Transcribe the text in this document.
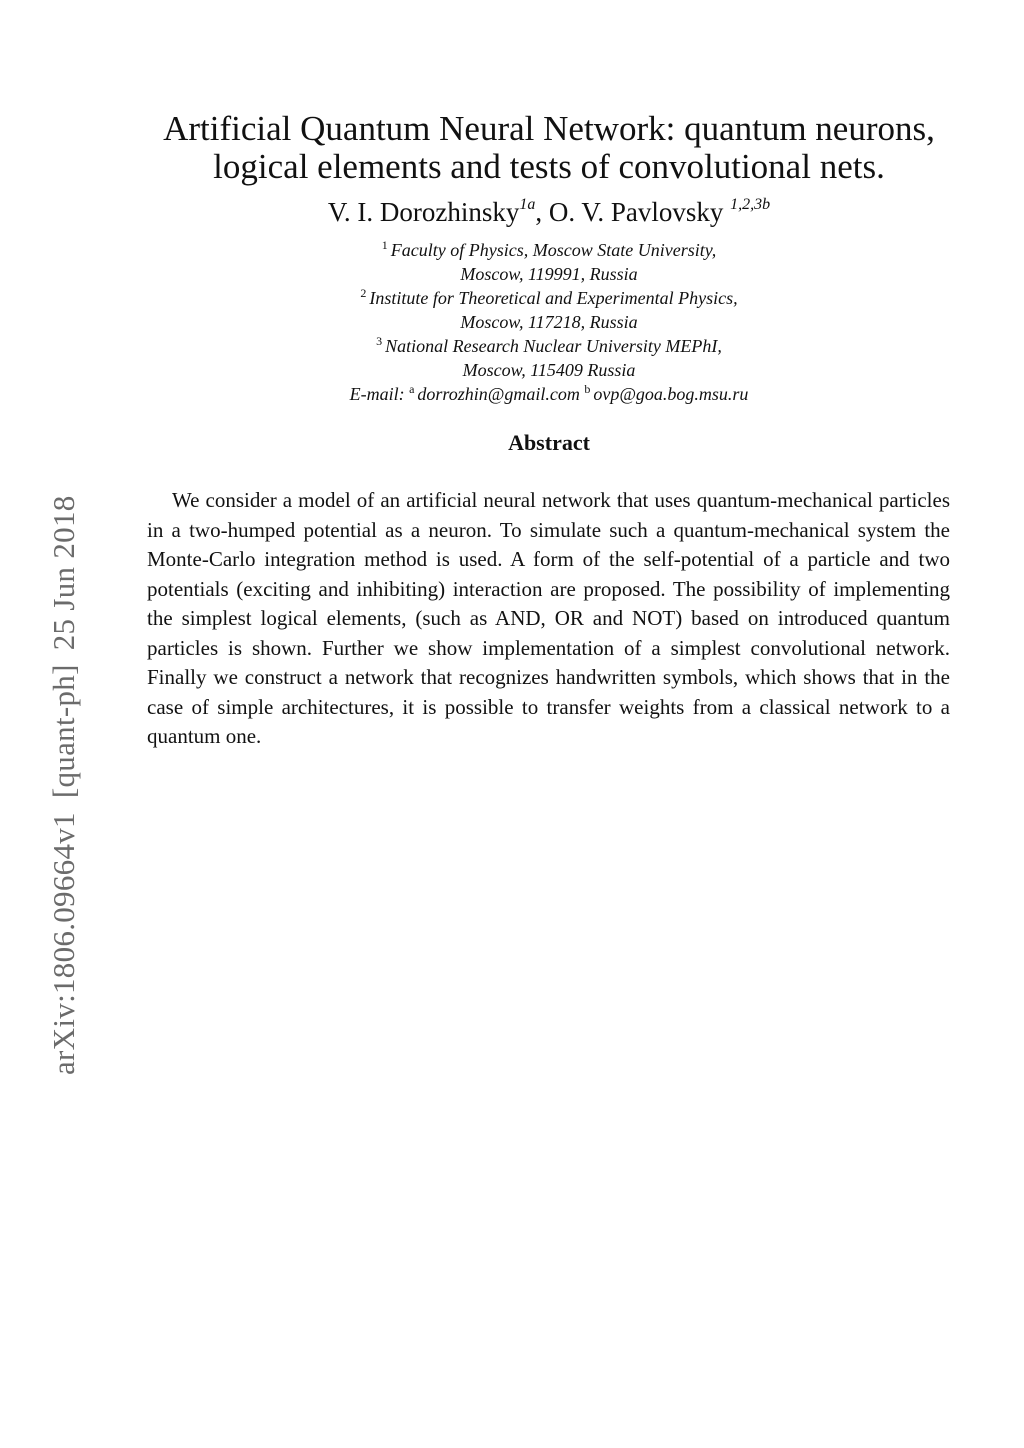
arXiv:1806.09664v1[quant-ph]25 Jun 2018
Artificial Quantum Neural Network: quantum neurons,
logical elements and tests of convolutional nets.
V. I. Dorozhinsky$^{1a}$, O. V. Pavlovsky $^{1,2,3b}$
$^1$ Faculty of Physics, Moscow State University,
Moscow, 119991, Russia
$^2$ Institute for Theoretical and Experimental Physics,
Moscow, 117218, Russia
$^3$ National Research Nuclear University MEPhI,
Moscow, 115409 Russia
E-mail: $^a$ dorrozhin@gmail.com $^b$ ovp@goa.bog.msu.ru
Abstract

We consider a model of an artificial neural network that uses quantum-mechanical particles in a two-humped potential as a neuron. To simulate such a quantum-mechanical system the Monte-Carlo integration method is used. A form of the self-potential of a particle and two potentials (exciting and inhibiting) interaction are proposed. The possibility of implementing the simplest logical elements, (such as AND, OR and NOT) based on introduced quantum particles is shown. Further we show implementation of a simplest convolutional network. Finally we construct a network that recognizes handwritten symbols, which shows that in the case of simple architectures, it is possible to transfer weights from a classical network to a quantum one.
